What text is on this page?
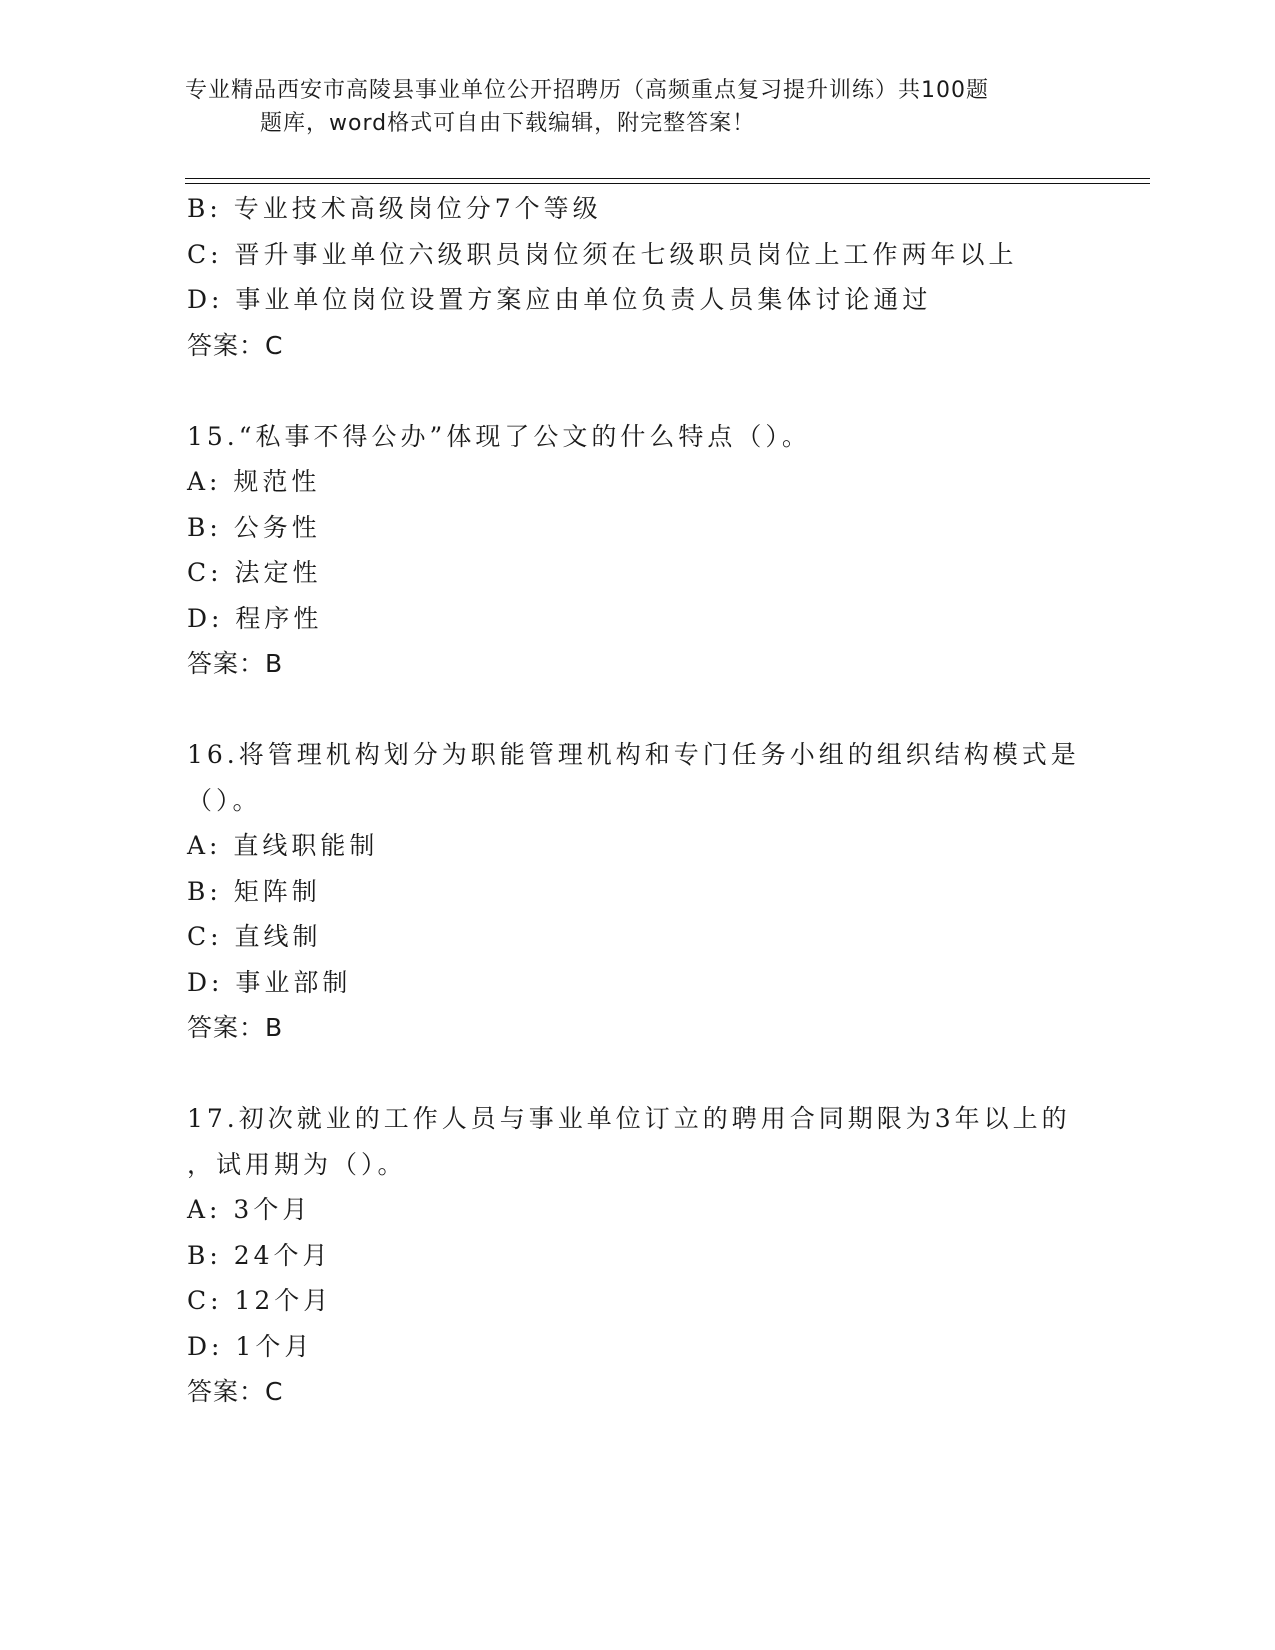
专业精品西安市高陵县事业单位公开招聘历（高频重点复习提升训练）共100题
题库，word格式可自由下载编辑，附完整答案！
B: 专业技术高级岗位分7个等级
C: 晋升事业单位六级职员岗位须在七级职员岗位上工作两年以上
D: 事业单位岗位设置方案应由单位负责人员集体讨论通过
答案：C
15.“私事不得公办”体现了公文的什么特点（）。
A: 规范性
B: 公务性
C: 法定性
D: 程序性
答案：B
16.将管理机构划分为职能管理机构和专门任务小组的组织结构模式是
（）。
A: 直线职能制
B: 矩阵制
C: 直线制
D: 事业部制
答案：B
17.初次就业的工作人员与事业单位订立的聘用合同期限为3年以上的
，试用期为（）。
A: 3个月
B: 24个月
C: 12个月
D: 1个月
答案：C
